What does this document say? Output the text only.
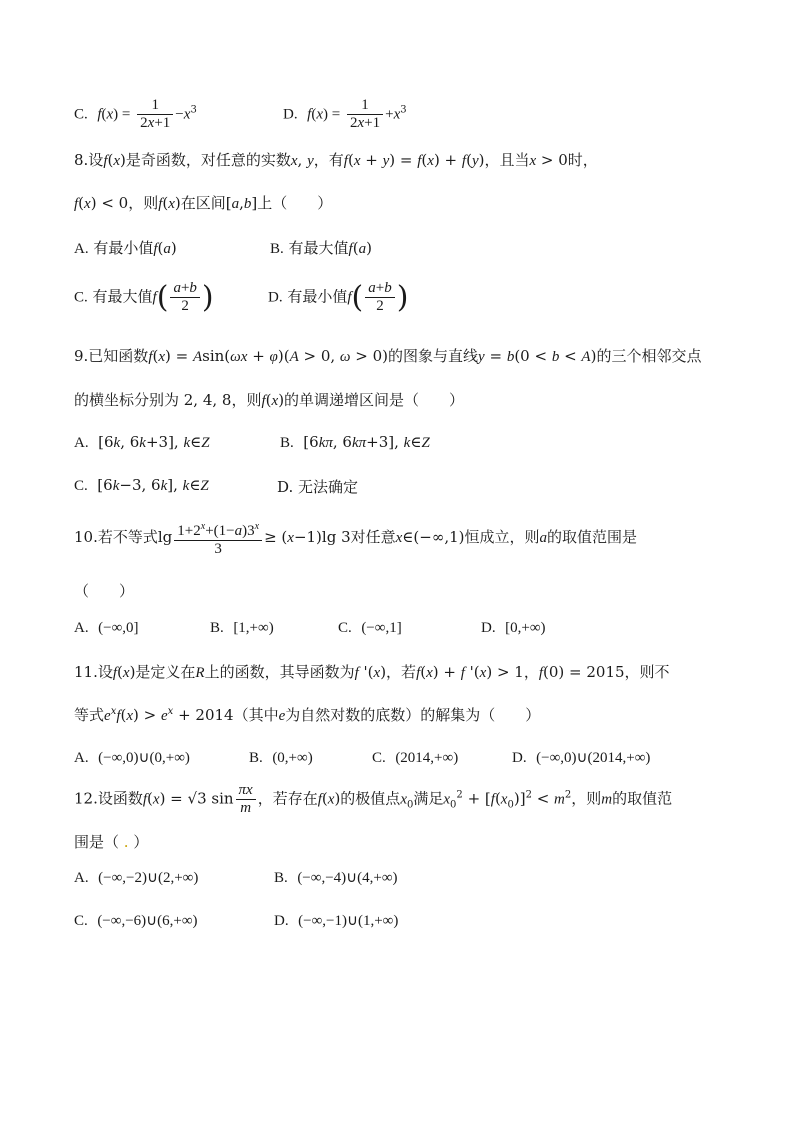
C. $f(x) = \frac{1}{2x+1} -x^3$	D. $f(x) = \frac{1}{2x+1} +x^3$
8.设f(x)是奇函数，对任意的实数x, y，有f(x + y) = f(x) + f(y)，且当x > 0时，
f(x) < 0，则f(x)在区间[a,b]上（　　）
A. 有最小值f(a)	B. 有最大值f(a)
C. 有最大值$f( \frac{a+b}{2}$ )	D. 有最小值$f( \frac{a+b}{2}$ )
9.已知函数f(x) = Asin(ωx + φ)(A > 0, ω > 0)的图象与直线y = b(0 < b < A)的三个相邻交点
的横坐标分别为 2, 4, 8，则f(x)的单调递增区间是（　　）
A.  [6k, 6k+3], k∈Z	B.  [6kπ, 6kπ+3], k∈Z
C.  [6k−3, 6k], k∈Z	D. 无法确定
10.若不等式$\lg \frac{1+2^x+(1-a)3^x}{3} \ge (x-1)\lg$ 3对任意x∈(−∞,1)恒成立，则a的取值范围是
（　　）
A. (−∞,0]	B. [1,+∞)	C. (−∞,1]	D. [0,+∞)
11.设f(x)是定义在R上的函数，其导函数为f '(x)，若f(x) + f '(x) > 1，f(0) = 2015，则不
等式$e^xf(x) > e^x + 2014$（其中e为自然对数的底数）的解集为（　　）
A. (−∞,0)∪(0,+∞)	B. (0,+∞)	C. (2014,+∞)	D. (−∞,0)∪(2014,+∞)
12.设函数f(x) = √3 $\sin \frac{\pi x}{m}$ ，若存在f(x)的极值点$x_0$满足$x_0^2 + [f(x_0)]^2 < m^2$，则m的取值范
围是（ . ）
A. (−∞,−2)∪(2,+∞)	B. (−∞,−4)∪(4,+∞)
C. (−∞,−6)∪(6,+∞)	D. (−∞,−1)∪(1,+∞)
